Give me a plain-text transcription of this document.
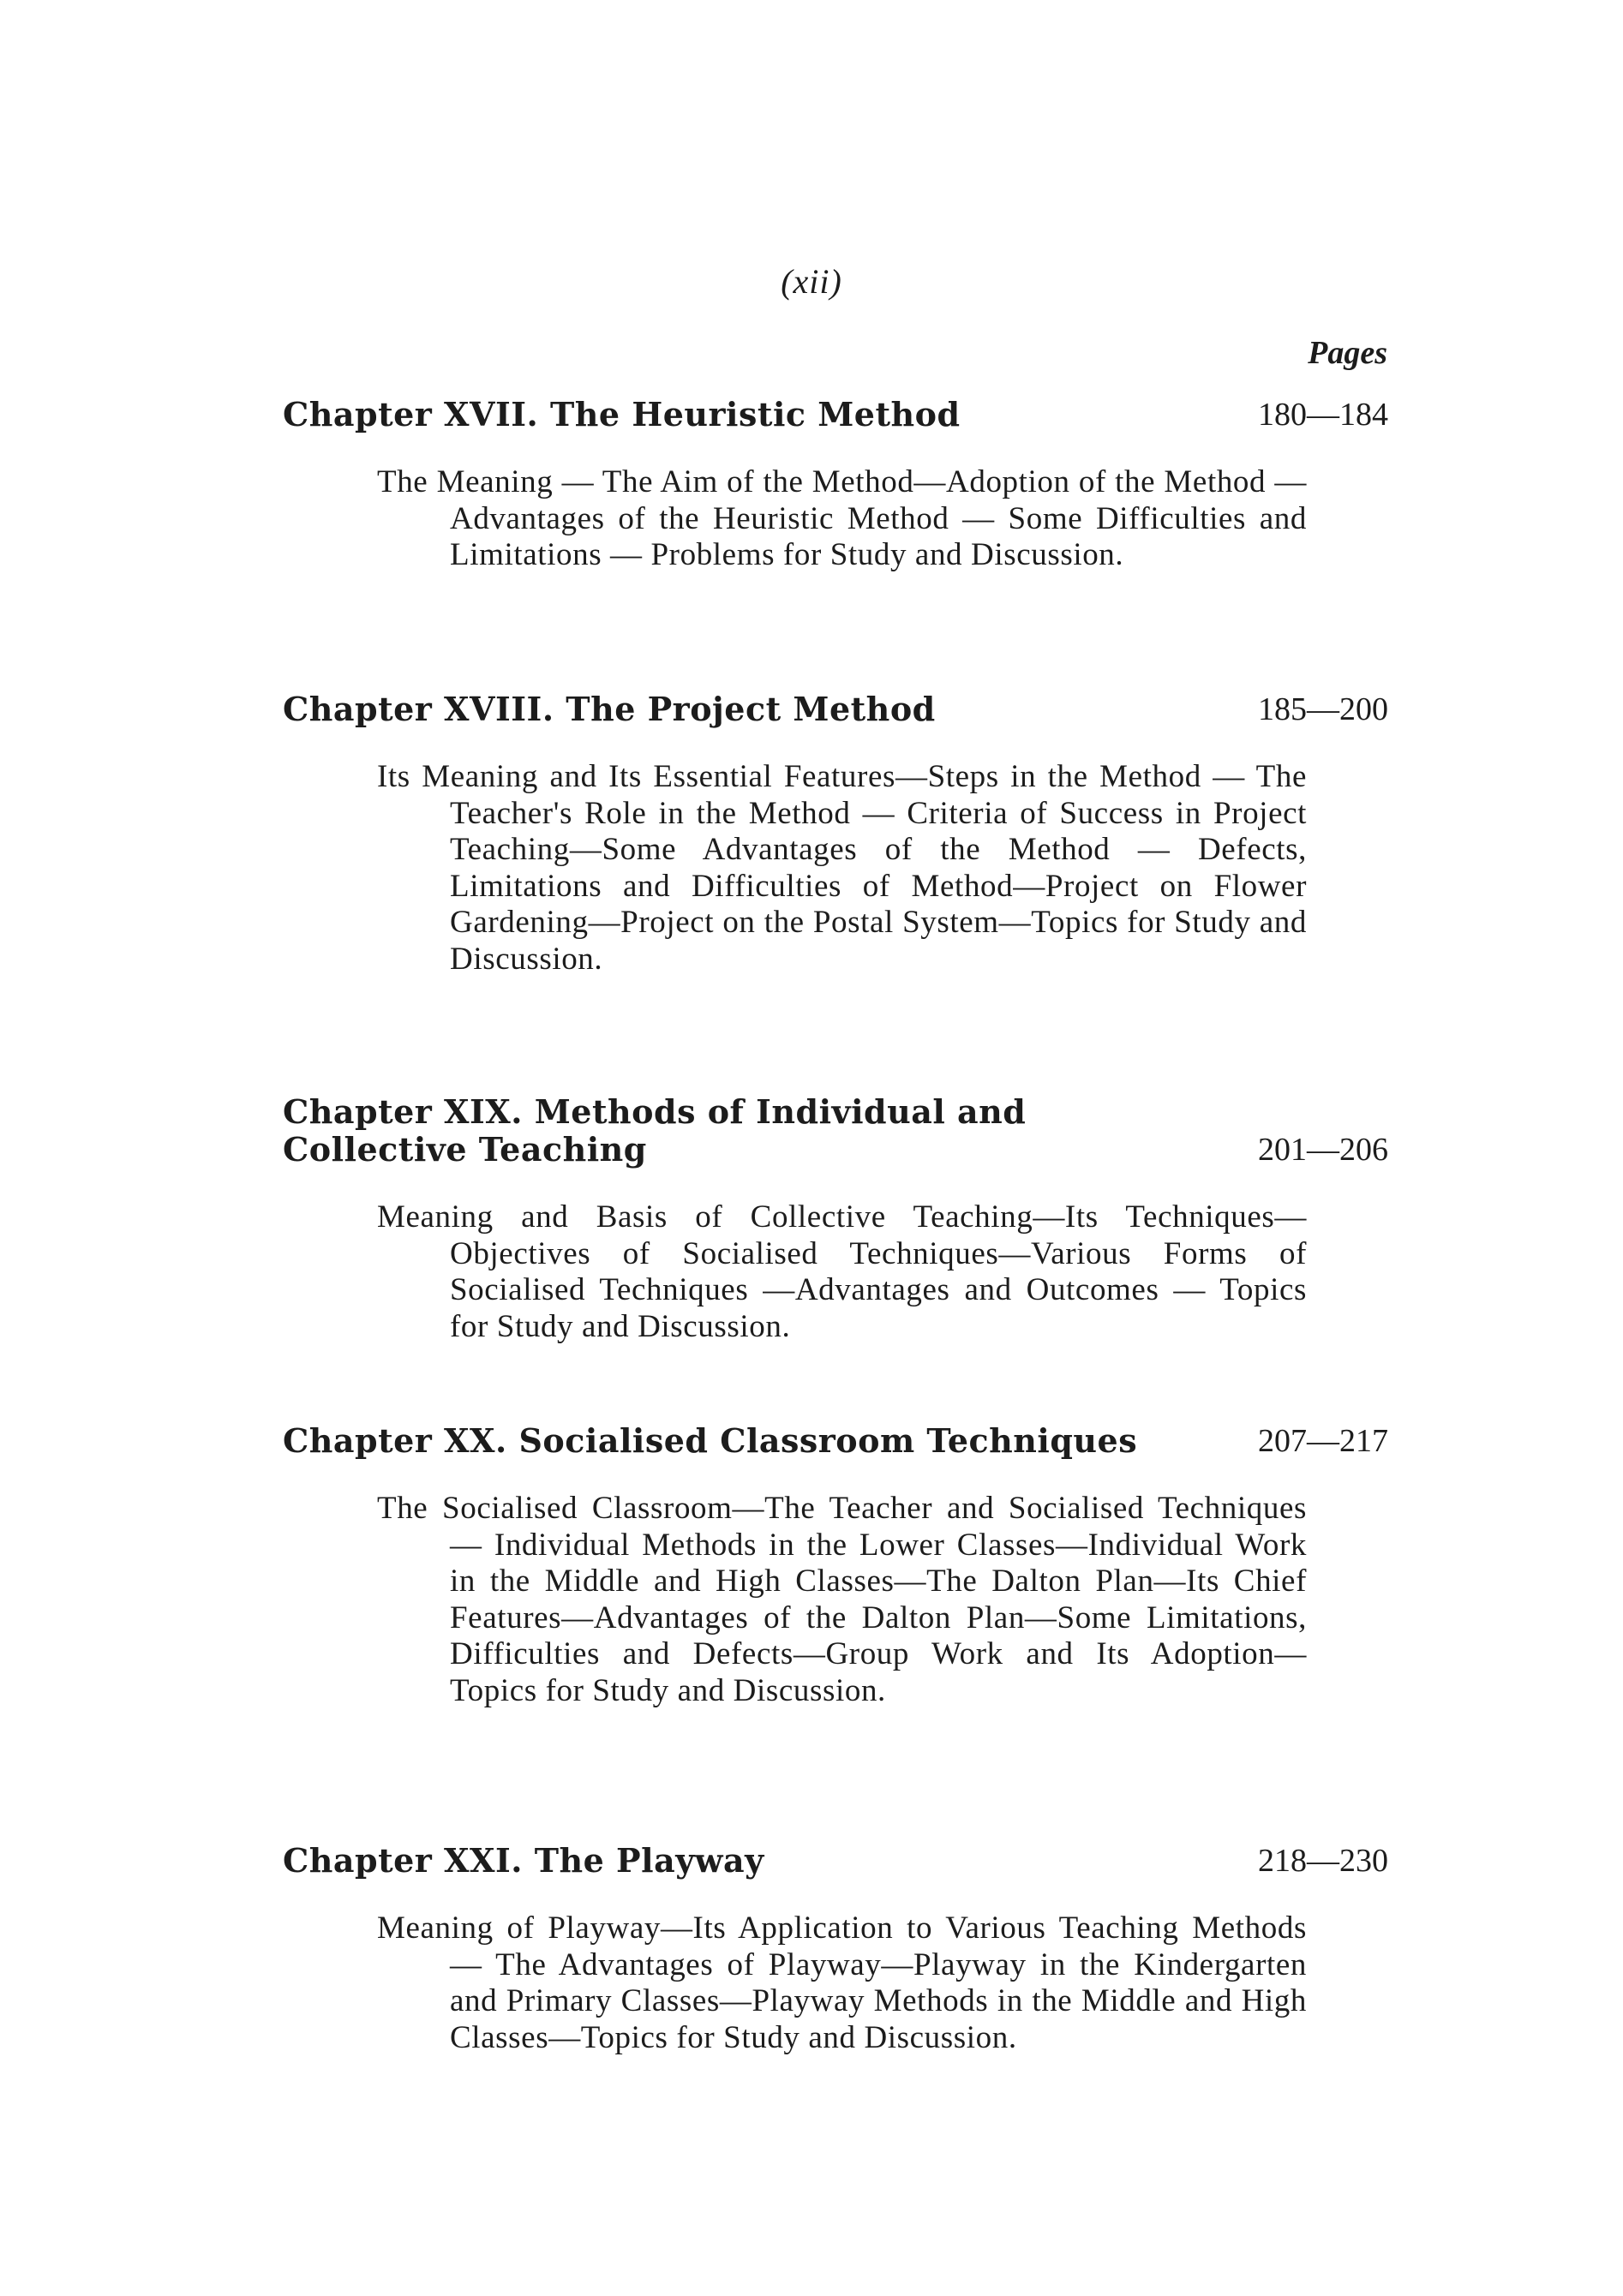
(xii)
Pages
Chapter XVII. The Heuristic Method	180—184
The Meaning — The Aim of the Method—Adoption of the Method — Advantages of the Heuristic Method — Some Difficulties and Limitations — Problems for Study and Discussion.
Chapter XVIII. The Project Method	185—200
Its Meaning and Its Essential Features—Steps in the Method — The Teacher's Role in the Method — Criteria of Success in Project Teaching—Some Advantages of the Method — Defects, Limitations and Difficulties of Method—Project on Flower Gardening—Project on the Postal System—Topics for Study and Discussion.
Chapter XIX. Methods of Individual and Collective Teaching	201—206
Meaning and Basis of Collective Teaching—Its Techniques— Objectives of Socialised Techniques—Various Forms of Socialised Techniques —Advantages and Outcomes — Topics for Study and Discussion.
Chapter XX. Socialised Classroom Techniques	207—217
The Socialised Classroom—The Teacher and Socialised Techniques — Individual Methods in the Lower Classes—Individual Work in the Middle and High Classes—The Dalton Plan—Its Chief Features—Advantages of the Dalton Plan—Some Limitations, Difficulties and Defects—Group Work and Its Adoption—Topics for Study and Discussion.
Chapter XXI. The Playway	218—230
Meaning of Playway—Its Application to Various Teaching Methods — The Advantages of Playway—Playway in the Kindergarten and Primary Classes—Playway Methods in the Middle and High Classes—Topics for Study and Discussion.
